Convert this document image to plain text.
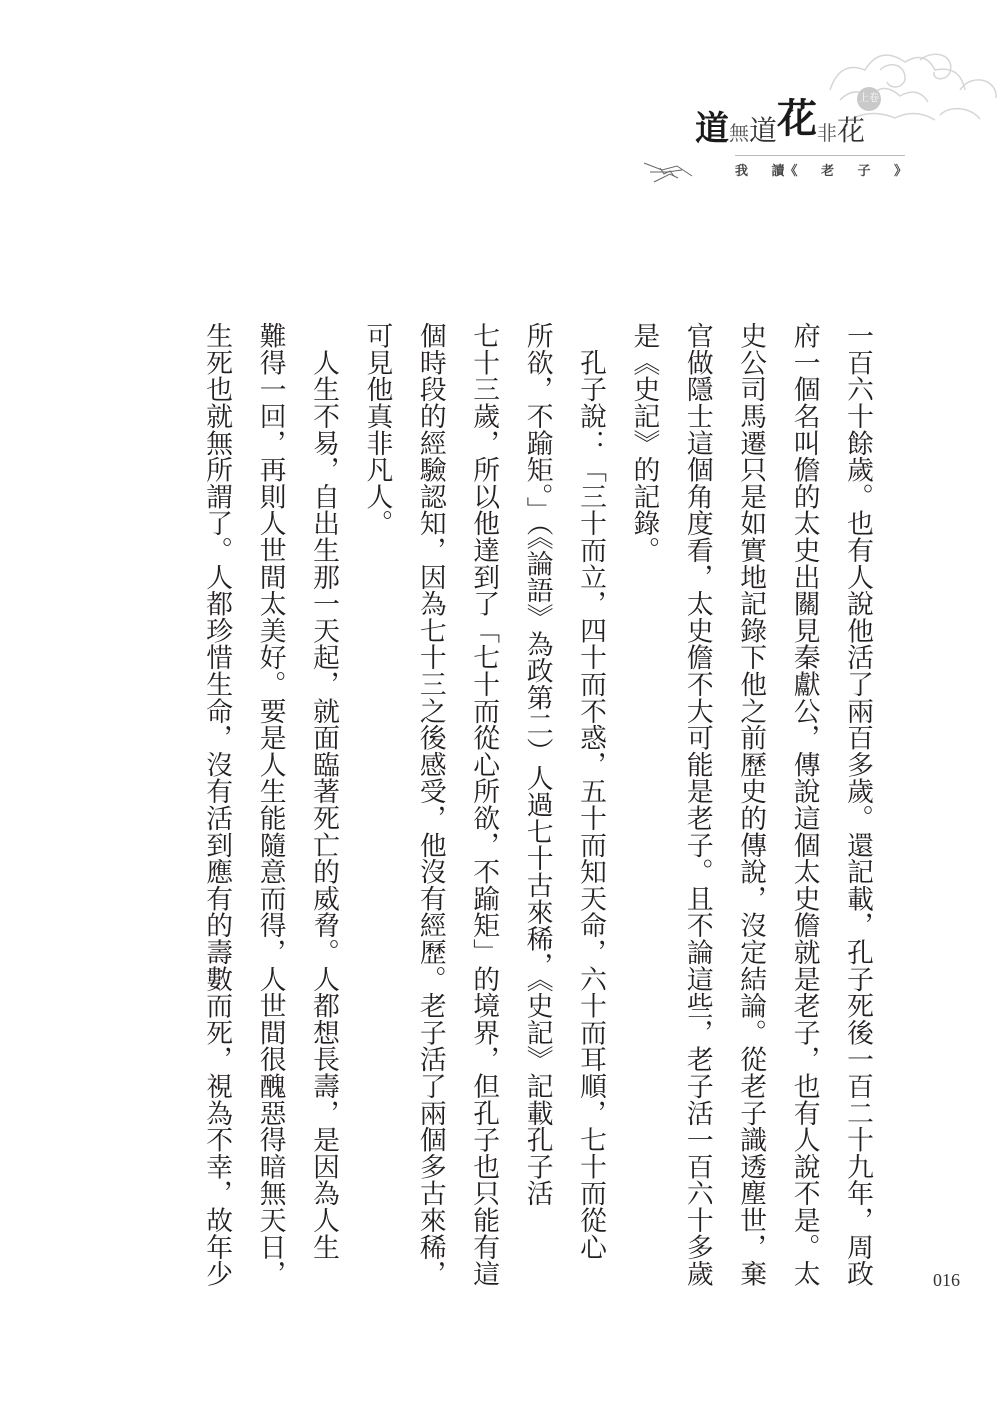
道無道花非花
上卷
我 讀《 老 子 》
一百六十餘歲。也有人說他活了兩百多歲。還記載，孔子死後一百二十九年，周政
府一個名叫儋的太史出關見秦獻公，傳說這個太史儋就是老子，也有人說不是。太
史公司馬遷只是如實地記錄下他之前歷史的傳說，沒定結論。從老子識透塵世，棄
官做隱士這個角度看，太史儋不大可能是老子。且不論這些，老子活一百六十多歲
是《史記》的記錄。
　孔子說：「三十而立，四十而不惑，五十而知天命，六十而耳順，七十而從心
所欲，不踰矩。」（《論語》為政第二）人過七十古來稀，《史記》記載孔子活
七十三歲，所以他達到了「七十而從心所欲，不踰矩」的境界，但孔子也只能有這
個時段的經驗認知，因為七十三之後感受，他沒有經歷。老子活了兩個多古來稀，
可見他真非凡人。
　人生不易，自出生那一天起，就面臨著死亡的威脅。人都想長壽，是因為人生
難得一回，再則人世間太美好。要是人生能隨意而得，人世間很醜惡得暗無天日，
生死也就無所謂了。人都珍惜生命，沒有活到應有的壽數而死，視為不幸，故年少	016
